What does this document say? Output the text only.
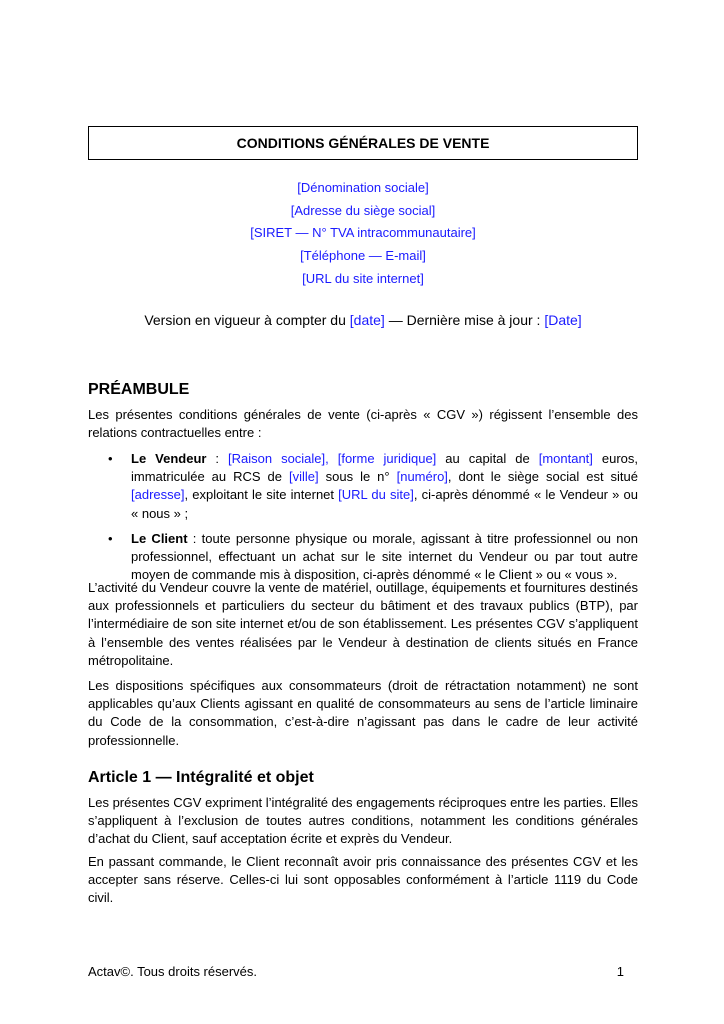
CONDITIONS GÉNÉRALES DE VENTE
[Dénomination sociale]
[Adresse du siège social]
[SIRET — N° TVA intracommunautaire]
[Téléphone — E-mail]
[URL du site internet]
Version en vigueur à compter du [date] — Dernière mise à jour : [Date]
PRÉAMBULE
Les présentes conditions générales de vente (ci-après « CGV ») régissent l’ensemble des relations contractuelles entre :
• Le Vendeur : [Raison sociale], [forme juridique] au capital de [montant] euros, immatriculée au RCS de [ville] sous le n° [numéro], dont le siège social est situé [adresse], exploitant le site internet [URL du site], ci-après dénommé « le Vendeur » ou « nous » ;
• Le Client : toute personne physique ou morale, agissant à titre professionnel ou non professionnel, effectuant un achat sur le site internet du Vendeur ou par tout autre moyen de commande mis à disposition, ci-après dénommé « le Client » ou « vous ».
L’activité du Vendeur couvre la vente de matériel, outillage, équipements et fournitures destinés aux professionnels et particuliers du secteur du bâtiment et des travaux publics (BTP), par l’intermédiaire de son site internet et/ou de son établissement. Les présentes CGV s’appliquent à l’ensemble des ventes réalisées par le Vendeur à destination de clients situés en France métropolitaine.
Les dispositions spécifiques aux consommateurs (droit de rétractation notamment) ne sont applicables qu’aux Clients agissant en qualité de consommateurs au sens de l’article liminaire du Code de la consommation, c’est-à-dire n’agissant pas dans le cadre de leur activité professionnelle.
Article 1 — Intégralité et objet
Les présentes CGV expriment l’intégralité des engagements réciproques entre les parties. Elles s’appliquent à l’exclusion de toutes autres conditions, notamment les conditions générales d’achat du Client, sauf acceptation écrite et exprès du Vendeur.
En passant commande, le Client reconnaît avoir pris connaissance des présentes CGV et les accepter sans réserve. Celles-ci lui sont opposables conformément à l’article 1119 du Code civil.
Actav©. Tous droits réservés.	1
